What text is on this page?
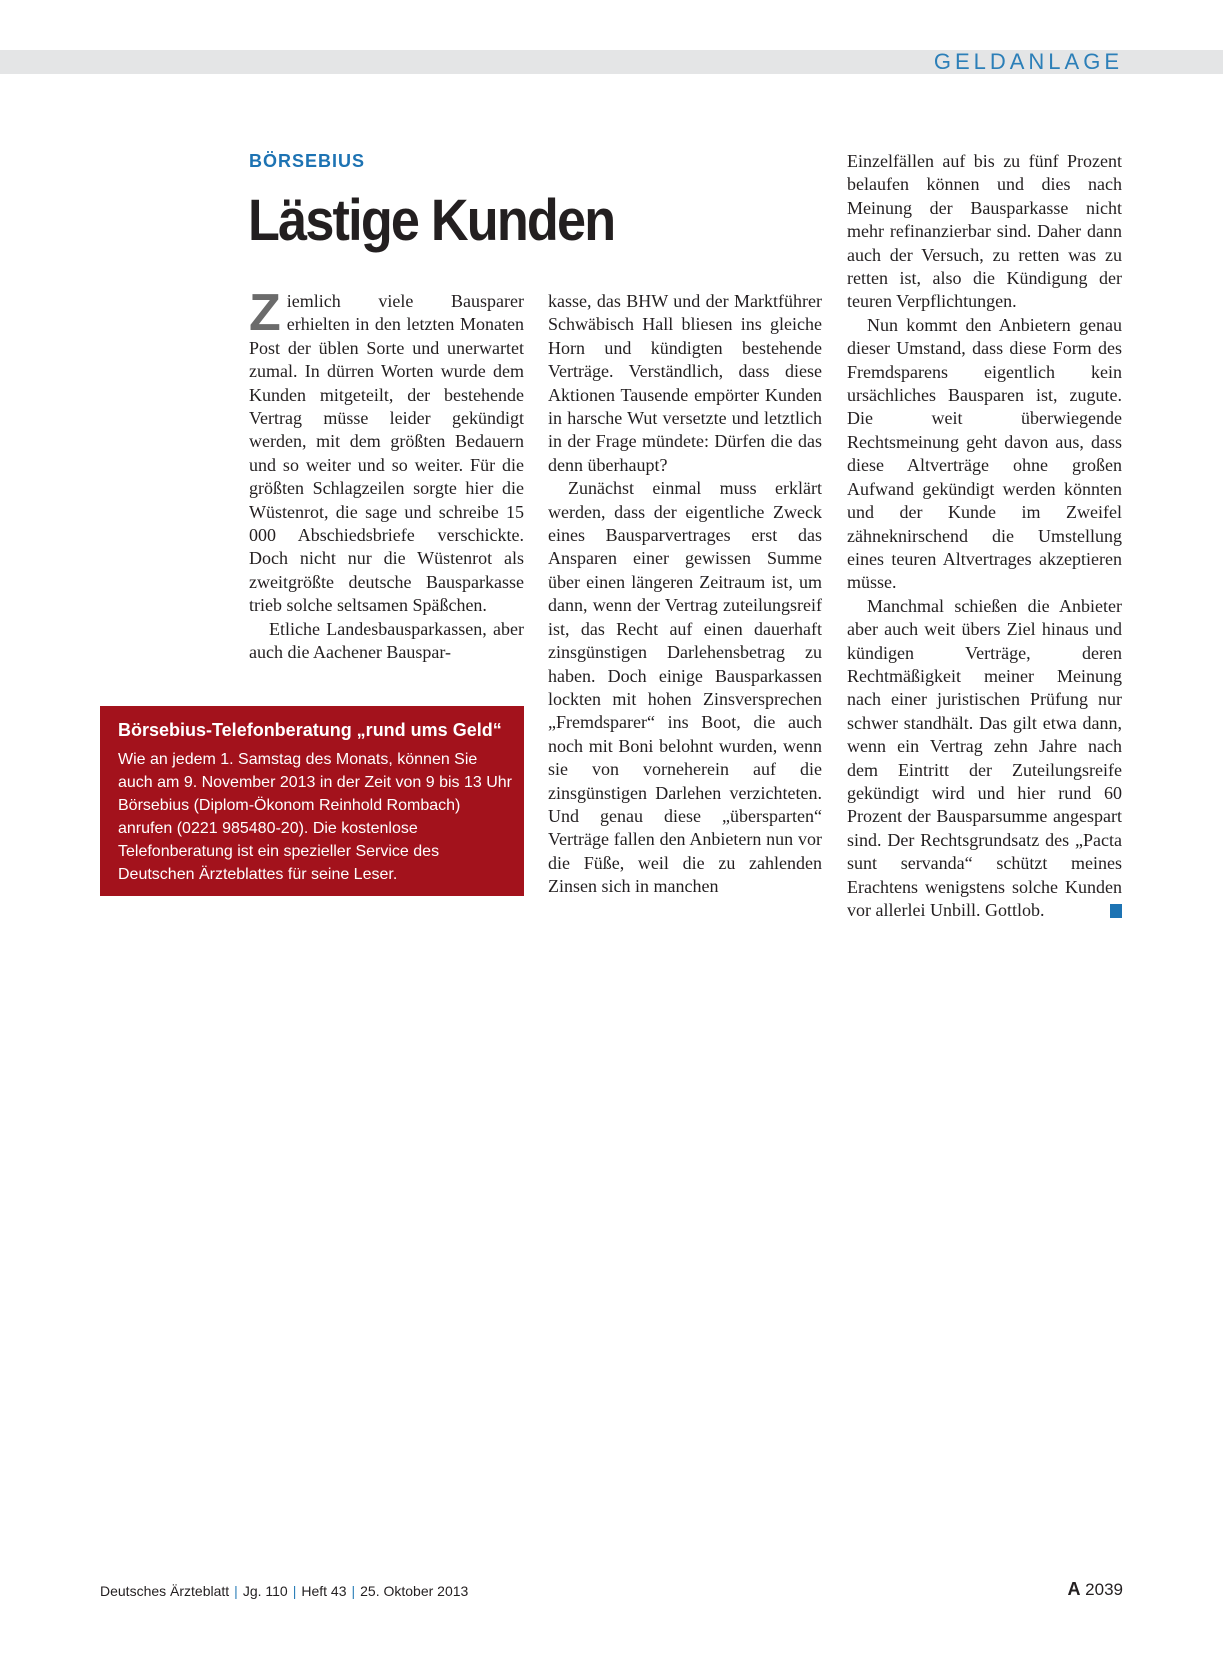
GELDANLAGE
BÖRSEBIUS
Lästige Kunden

Ziemlich viele Bausparer erhielten in den letzten Monaten Post der üblen Sorte und unerwartet zumal. In dürren Worten wurde dem Kunden mitgeteilt, der bestehende Vertrag müsse leider gekündigt werden, mit dem größten Bedauern und so weiter und so weiter. Für die größten Schlagzeilen sorgte hier die Wüstenrot, die sage und schreibe 15 000 Abschiedsbriefe verschickte. Doch nicht nur die Wüstenrot als zweitgrößte deutsche Bausparkasse trieb solche seltsamen Späßchen.

Etliche Landesbausparkassen, aber auch die Aachener Bauspar-

kasse, das BHW und der Marktführer Schwäbisch Hall bliesen ins gleiche Horn und kündigten bestehende Verträge. Verständlich, dass diese Aktionen Tausende empörter Kunden in harsche Wut versetzte und letztlich in der Frage mündete: Dürfen die das denn überhaupt?

Zunächst einmal muss erklärt werden, dass der eigentliche Zweck eines Bausparvertrages erst das Ansparen einer gewissen Summe über einen längeren Zeitraum ist, um dann, wenn der Vertrag zuteilungsreif ist, das Recht auf einen dauerhaft zinsgünstigen Darlehensbetrag zu haben. Doch einige Bausparkassen lockten mit hohen Zinsversprechen „Fremdsparer“ ins Boot, die auch noch mit Boni belohnt wurden, wenn sie von vorneherein auf die zinsgünstigen Darlehen verzichteten. Und genau diese „übersparten“ Verträge fallen den Anbietern nun vor die Füße, weil die zu zahlenden Zinsen sich in manchen

Einzelfällen auf bis zu fünf Prozent belaufen können und dies nach Meinung der Bausparkasse nicht mehr refinanzierbar sind. Daher dann auch der Versuch, zu retten was zu retten ist, also die Kündigung der teuren Verpflichtungen.

Nun kommt den Anbietern genau dieser Umstand, dass diese Form des Fremdsparens eigentlich kein ursächliches Bausparen ist, zugute. Die weit überwiegende Rechtsmeinung geht davon aus, dass diese Altverträge ohne großen Aufwand gekündigt werden könnten und der Kunde im Zweifel zähneknirschend die Umstellung eines teuren Altvertrages akzeptieren müsse.

Manchmal schießen die Anbieter aber auch weit übers Ziel hinaus und kündigen Verträge, deren Rechtmäßigkeit meiner Meinung nach einer juristischen Prüfung nur schwer standhält. Das gilt etwa dann, wenn ein Vertrag zehn Jahre nach dem Eintritt der Zuteilungsreife gekündigt wird und hier rund 60 Prozent der Bausparsumme angespart sind. Der Rechtsgrundsatz des „Pacta sunt servanda“ schützt meines Erachtens wenigstens solche Kunden vor allerlei Unbill. Gottlob.

Börsebius-Telefonberatung „rund ums Geld“
Wie an jedem 1. Samstag des Monats, können Sie
auch am 9. November 2013 in der Zeit von 9 bis 13 Uhr
Börsebius (Diplom-Ökonom Reinhold Rombach)
anrufen (0221 985480-20). Die kostenlose
Telefonberatung ist ein spezieller Service des
Deutschen Ärzteblattes für seine Leser.
Deutsches Ärzteblatt | Jg. 110 | Heft 43 | 25. Oktober 2013	A 2039
